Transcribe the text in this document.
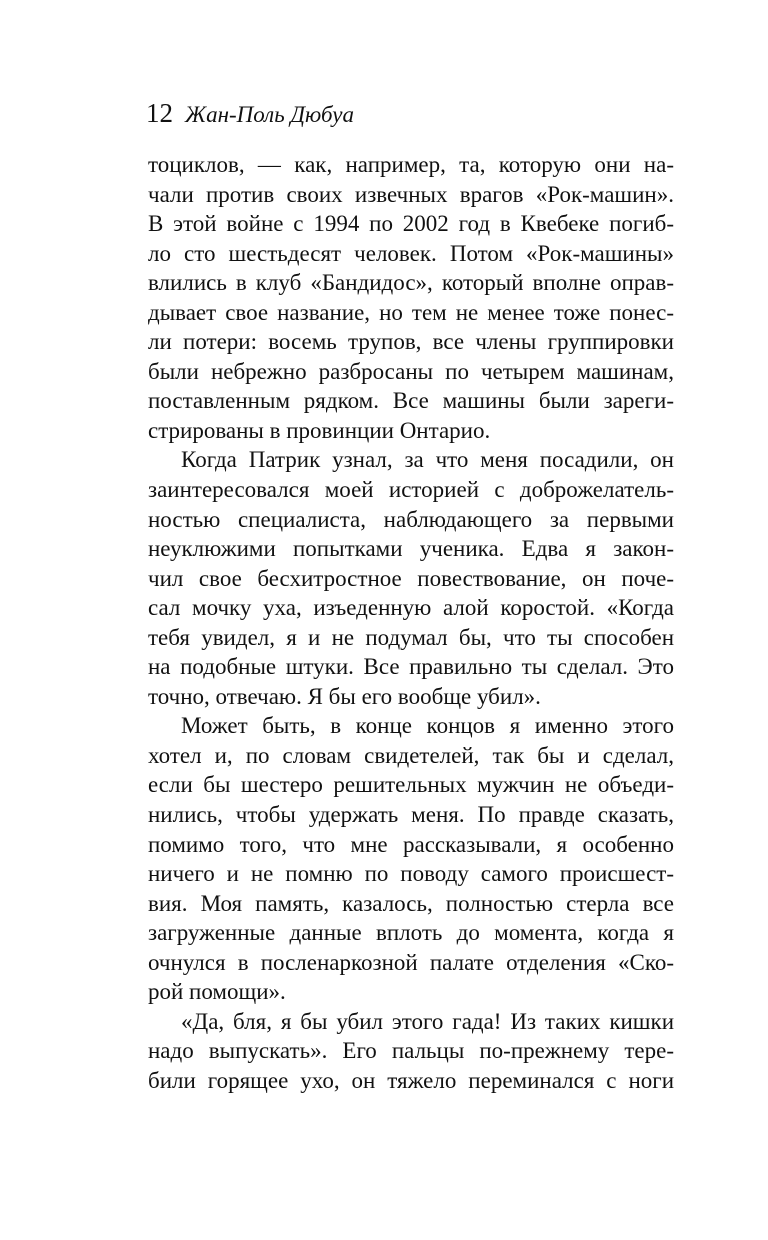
12 Жан-Поль Дюбуа
тоциклов, — как, например, та, которую они на-
чали против своих извечных врагов «Рок-машин».
В этой войне с 1994 по 2002 год в Квебеке погиб-
ло сто шестьдесят человек. Потом «Рок-машины»
влились в клуб «Бандидос», который вполне оправ-
дывает свое название, но тем не менее тоже понес-
ли потери: восемь трупов, все члены группировки
были небрежно разбросаны по четырем машинам,
поставленным рядком. Все машины были зареги-
стрированы в провинции Онтарио.
Когда Патрик узнал, за что меня посадили, он
заинтересовался моей историей с доброжелатель-
ностью специалиста, наблюдающего за первыми
неуклюжими попытками ученика. Едва я закон-
чил свое бесхитростное повествование, он поче-
сал мочку уха, изъеденную алой коростой. «Когда
тебя увидел, я и не подумал бы, что ты способен
на подобные штуки. Все правильно ты сделал. Это
точно, отвечаю. Я бы его вообще убил».
Может быть, в конце концов я именно этого
хотел и, по словам свидетелей, так бы и сделал,
если бы шестеро решительных мужчин не объеди-
нились, чтобы удержать меня. По правде сказать,
помимо того, что мне рассказывали, я особенно
ничего и не помню по поводу самого происшест-
вия. Моя память, казалось, полностью стерла все
загруженные данные вплоть до момента, когда я
очнулся в посленаркозной палате отделения «Ско-
рой помощи».
«Да, бля, я бы убил этого гада! Из таких кишки
надо выпускать». Его пальцы по-прежнему тере-
били горящее ухо, он тяжело переминался с ноги
